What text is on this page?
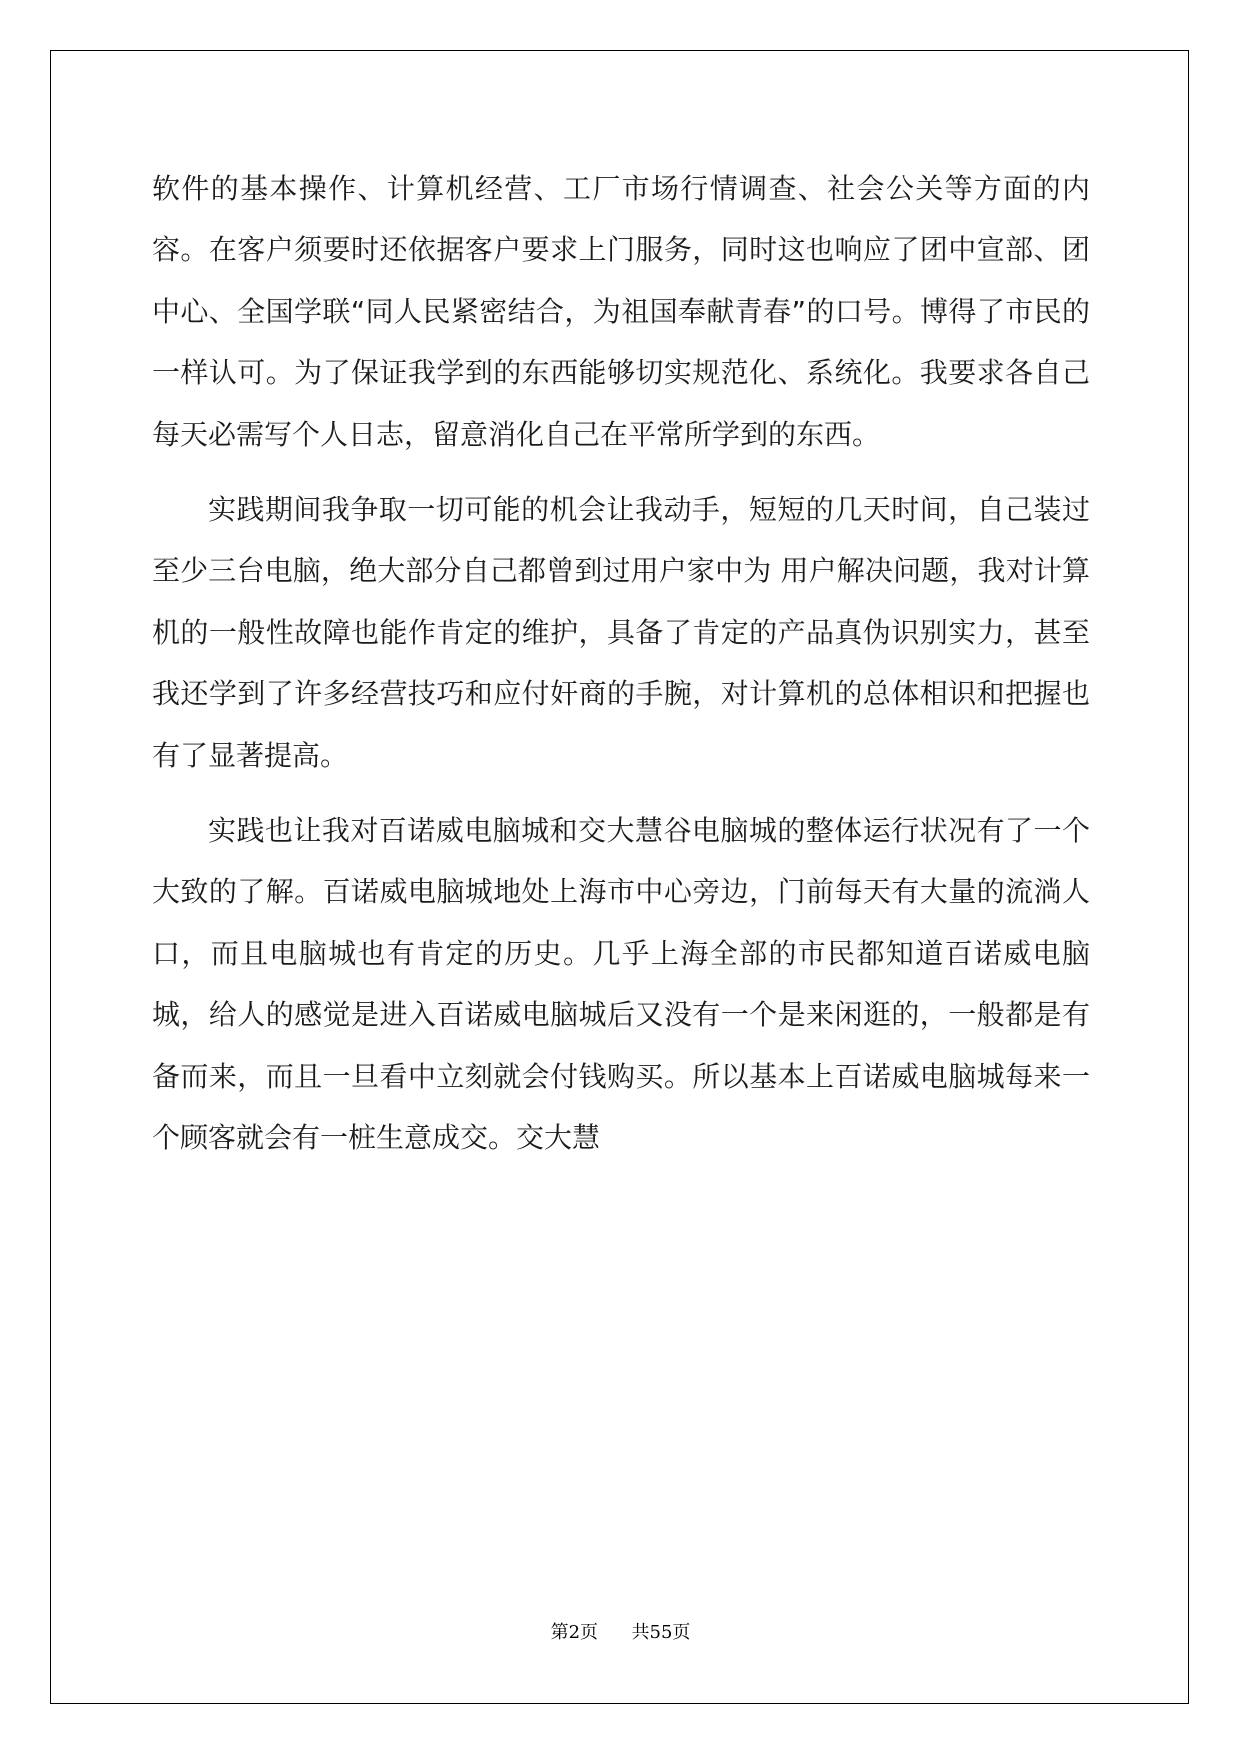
软件的基本操作、计算机经营、工厂市场行情调查、社会公关等方面的内容。在客户须要时还依据客户要求上门服务，同时这也响应了团中宣部、团中心、全国学联“同人民紧密结合，为祖国奉献青春”的口号。博得了市民的一样认可。为了保证我学到的东西能够切实规范化、系统化。我要求各自己每天必需写个人日志，留意消化自己在平常所学到的东西。

实践期间我争取一切可能的机会让我动手，短短的几天时间，自己装过至少三台电脑，绝大部分自己都曾到过用户家中为 用户解决问题，我对计算机的一般性故障也能作肯定的维护，具备了肯定的产品真伪识别实力，甚至我还学到了许多经营技巧和应付奸商的手腕，对计算机的总体相识和把握也有了显著提高。

实践也让我对百诺威电脑城和交大慧谷电脑城的整体运行状况有了一个大致的了解。百诺威电脑城地处上海市中心旁边，门前每天有大量的流淌人口，而且电脑城也有肯定的历史。几乎上海全部的市民都知道百诺威电脑城，给人的感觉是进入百诺威电脑城后又没有一个是来闲逛的，一般都是有备而来，而且一旦看中立刻就会付钱购买。所以基本上百诺威电脑城每来一个顾客就会有一桩生意成交。交大慧

第2页 共55页
